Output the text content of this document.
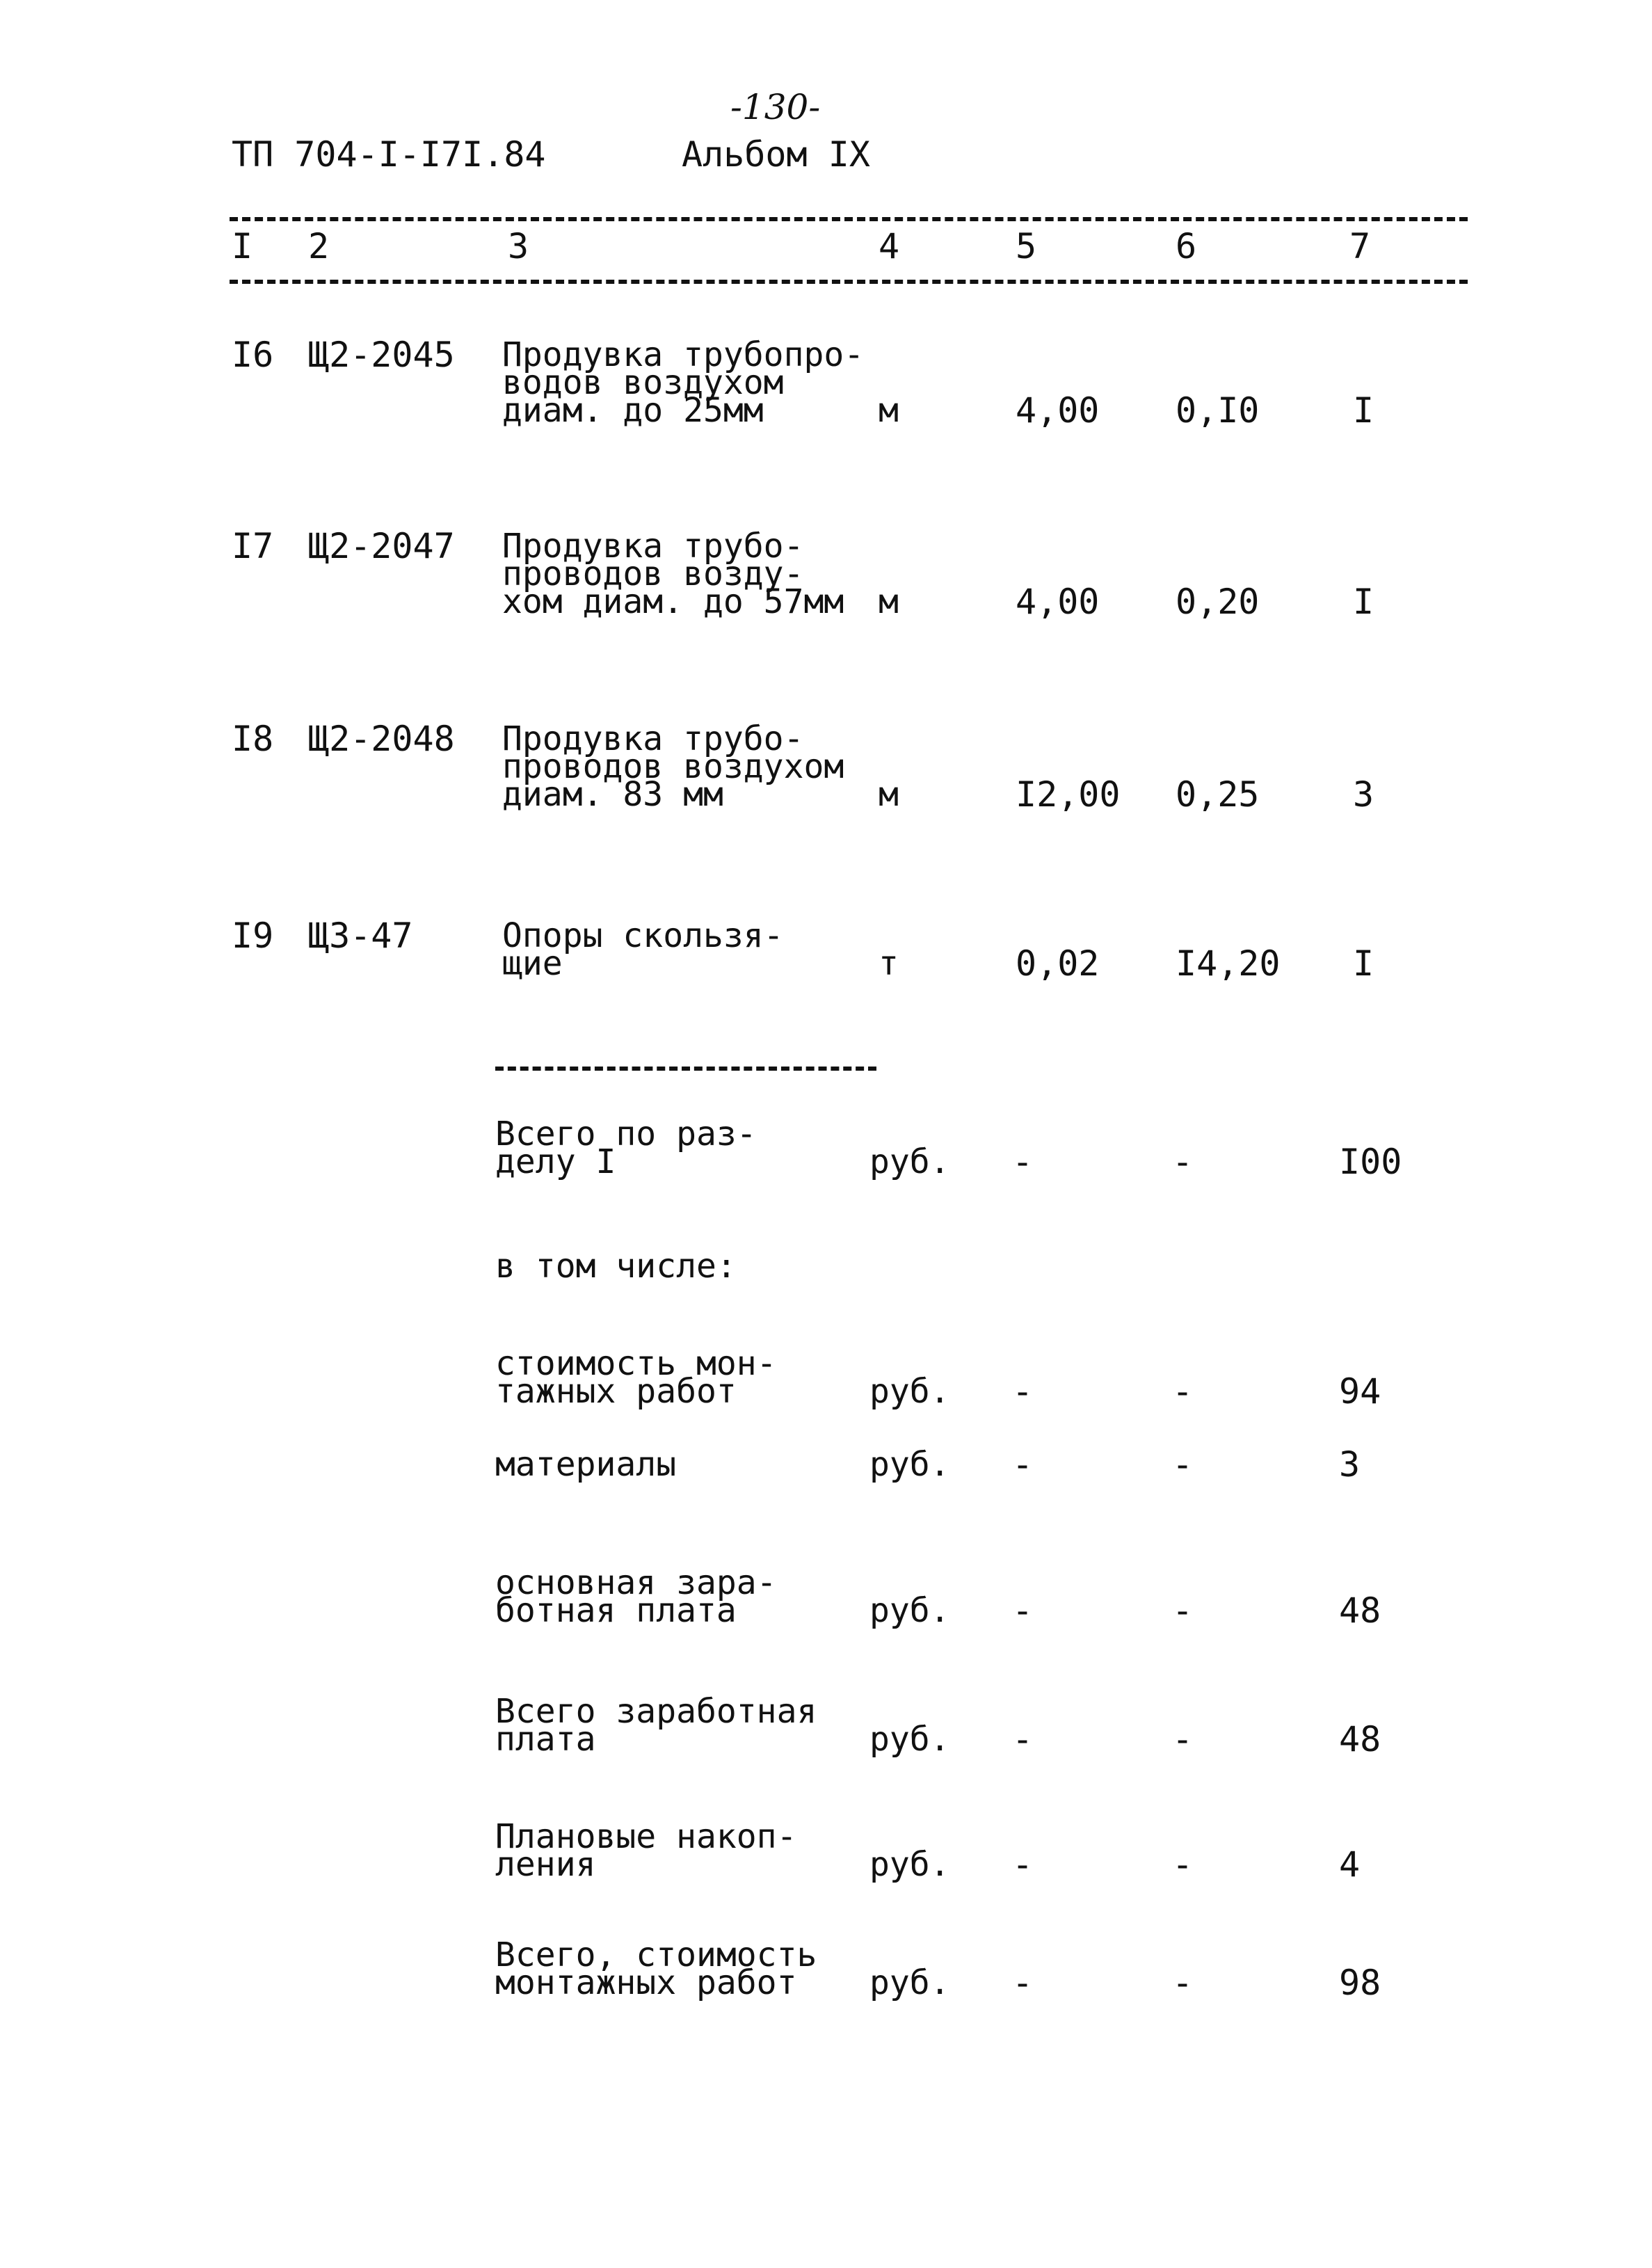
-130-
ТП 704-I-I7I.84	Альбом IX
I 2	3	4	5	6	7
I6 Щ2-2045 Продувка трубопро-
водов воздухом
диам. до 25мм	м	4,00 0,I0	I
I7 Щ2-2047 Продувка трубо-
проводов возду-
хом диам. до 57мм м	4,00 0,20	I
I8 Щ2-2048 Продувка трубо-
проводов воздухом
диам. 83 мм	м	I2,00 0,25	3
I9 ЩЗ-47	Опоры скользя-
щие	т	0,02 I4,20 I
Всего по раз-
делу I	руб. -	-	I00
в том числе:
стоимость мон-
тажных работ	руб. -	-	94
материалы	руб. -	-	3
основная зара-
ботная плата	руб. -	-	48
Всего заработная
плата	руб. -	-	48
Плановые накоп-
ления	руб. -	-	4
Всего, стоимость
монтажных работ	руб. -	-	98
